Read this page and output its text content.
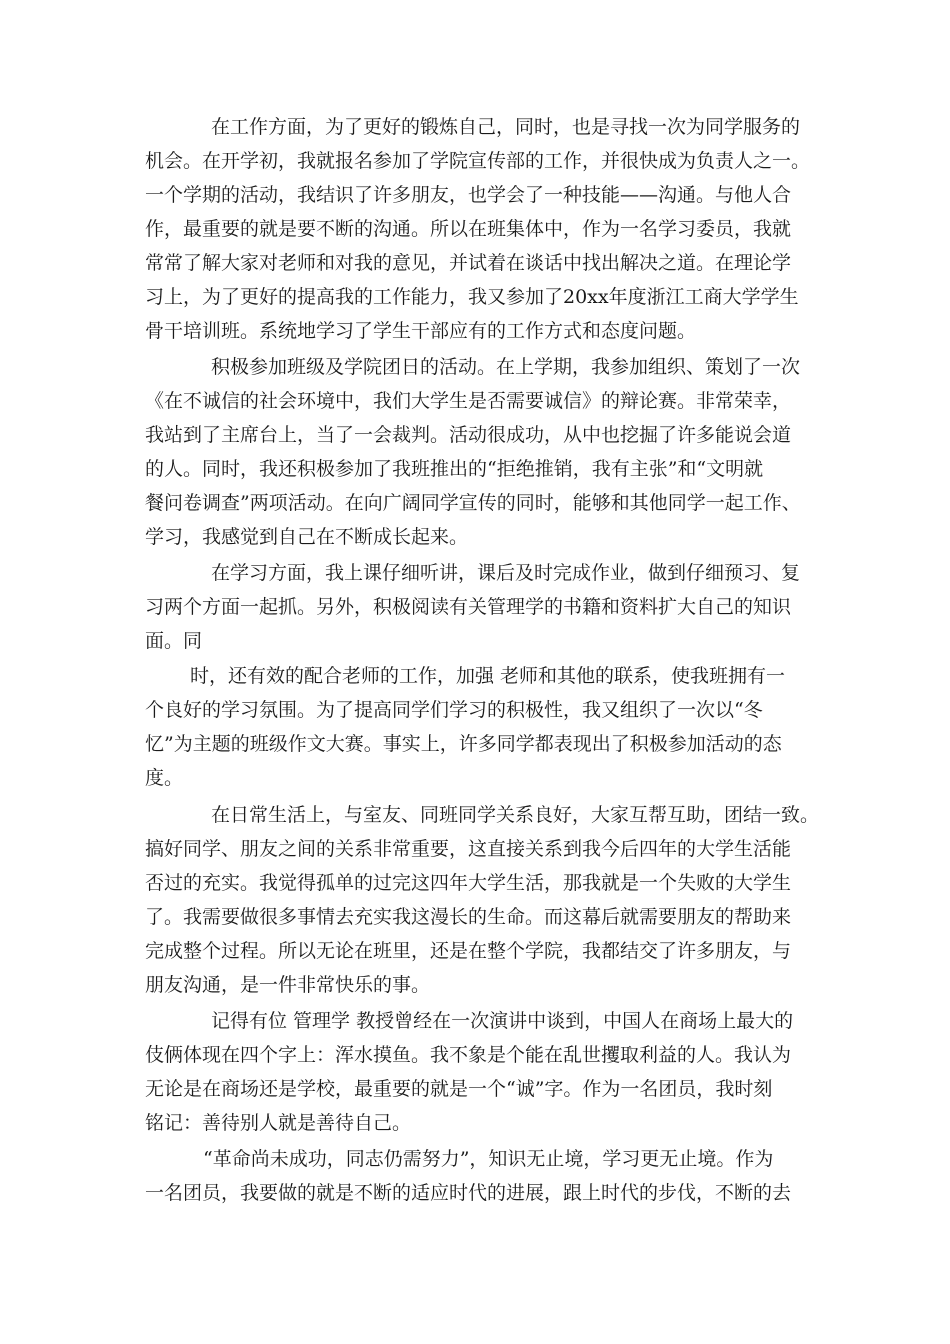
在工作方面，为了更好的锻炼自己，同时，也是寻找一次为同学服务的
机会。在开学初，我就报名参加了学院宣传部的工作，并很快成为负责人之一。
一个学期的活动，我结识了许多朋友，也学会了一种技能——沟通。与他人合
作，最重要的就是要不断的沟通。所以在班集体中，作为一名学习委员，我就
常常了解大家对老师和对我的意见，并试着在谈话中找出解决之道。在理论学
习上，为了更好的提高我的工作能力，我又参加了20xx年度浙江工商大学学生
骨干培训班。系统地学习了学生干部应有的工作方式和态度问题。
积极参加班级及学院团日的活动。在上学期，我参加组织、策划了一次
《在不诚信的社会环境中，我们大学生是否需要诚信》的辩论赛。非常荣幸，
我站到了主席台上，当了一会裁判。活动很成功，从中也挖掘了许多能说会道
的人。同时，我还积极参加了我班推出的“拒绝推销，我有主张”和“文明就
餐问卷调查”两项活动。在向广阔同学宣传的同时，能够和其他同学一起工作、
学习，我感觉到自己在不断成长起来。
在学习方面，我上课仔细听讲，课后及时完成作业，做到仔细预习、复
习两个方面一起抓。另外，积极阅读有关管理学的书籍和资料扩大自己的知识
面。同
时，还有效的配合老师的工作，加强 老师和其他的联系，使我班拥有一
个良好的学习氛围。为了提高同学们学习的积极性，我又组织了一次以“冬
忆”为主题的班级作文大赛。事实上，许多同学都表现出了积极参加活动的态
度。
在日常生活上，与室友、同班同学关系良好，大家互帮互助，团结一致。
搞好同学、朋友之间的关系非常重要，这直接关系到我今后四年的大学生活能
否过的充实。我觉得孤单的过完这四年大学生活，那我就是一个失败的大学生
了。我需要做很多事情去充实我这漫长的生命。而这幕后就需要朋友的帮助来
完成整个过程。所以无论在班里，还是在整个学院，我都结交了许多朋友，与
朋友沟通，是一件非常快乐的事。
记得有位 管理学 教授曾经在一次演讲中谈到，中国人在商场上最大的
伎俩体现在四个字上：浑水摸鱼。我不象是个能在乱世攫取利益的人。我认为
无论是在商场还是学校，最重要的就是一个“诚”字。作为一名团员，我时刻
铭记：善待别人就是善待自己。
“革命尚未成功，同志仍需努力”，知识无止境，学习更无止境。作为
一名团员，我要做的就是不断的适应时代的进展，跟上时代的步伐，不断的去
